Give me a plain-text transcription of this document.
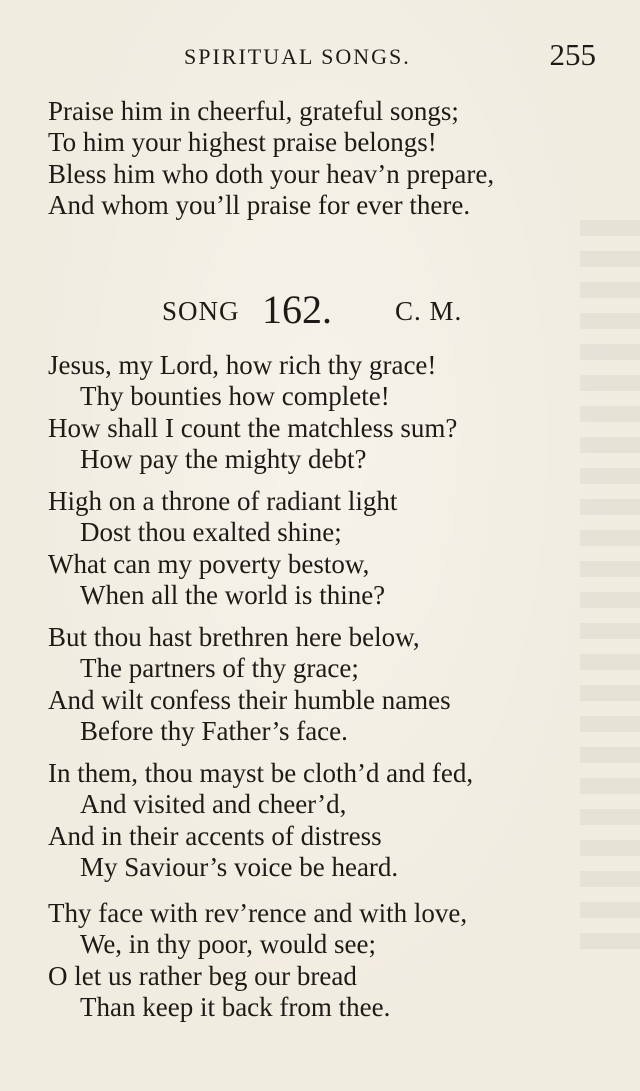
SPIRITUAL SONGS.	255
Praise him in cheerful, grateful songs;
To him your highest praise belongs!
Bless him who doth your heav’n prepare,
And whom you’ll praise for ever there.
SONG 162. C. M.
Jesus, my Lord, how rich thy grace!
Thy bounties how complete!
How shall I count the matchless sum?
How pay the mighty debt?
High on a throne of radiant light
Dost thou exalted shine;
What can my poverty bestow,
When all the world is thine?
But thou hast brethren here below,
The partners of thy grace;
And wilt confess their humble names
Before thy Father’s face.
In them, thou mayst be cloth’d and fed,
And visited and cheer’d,
And in their accents of distress
My Saviour’s voice be heard.
Thy face with rev’rence and with love,
We, in thy poor, would see;
O let us rather beg our bread
Than keep it back from thee.
